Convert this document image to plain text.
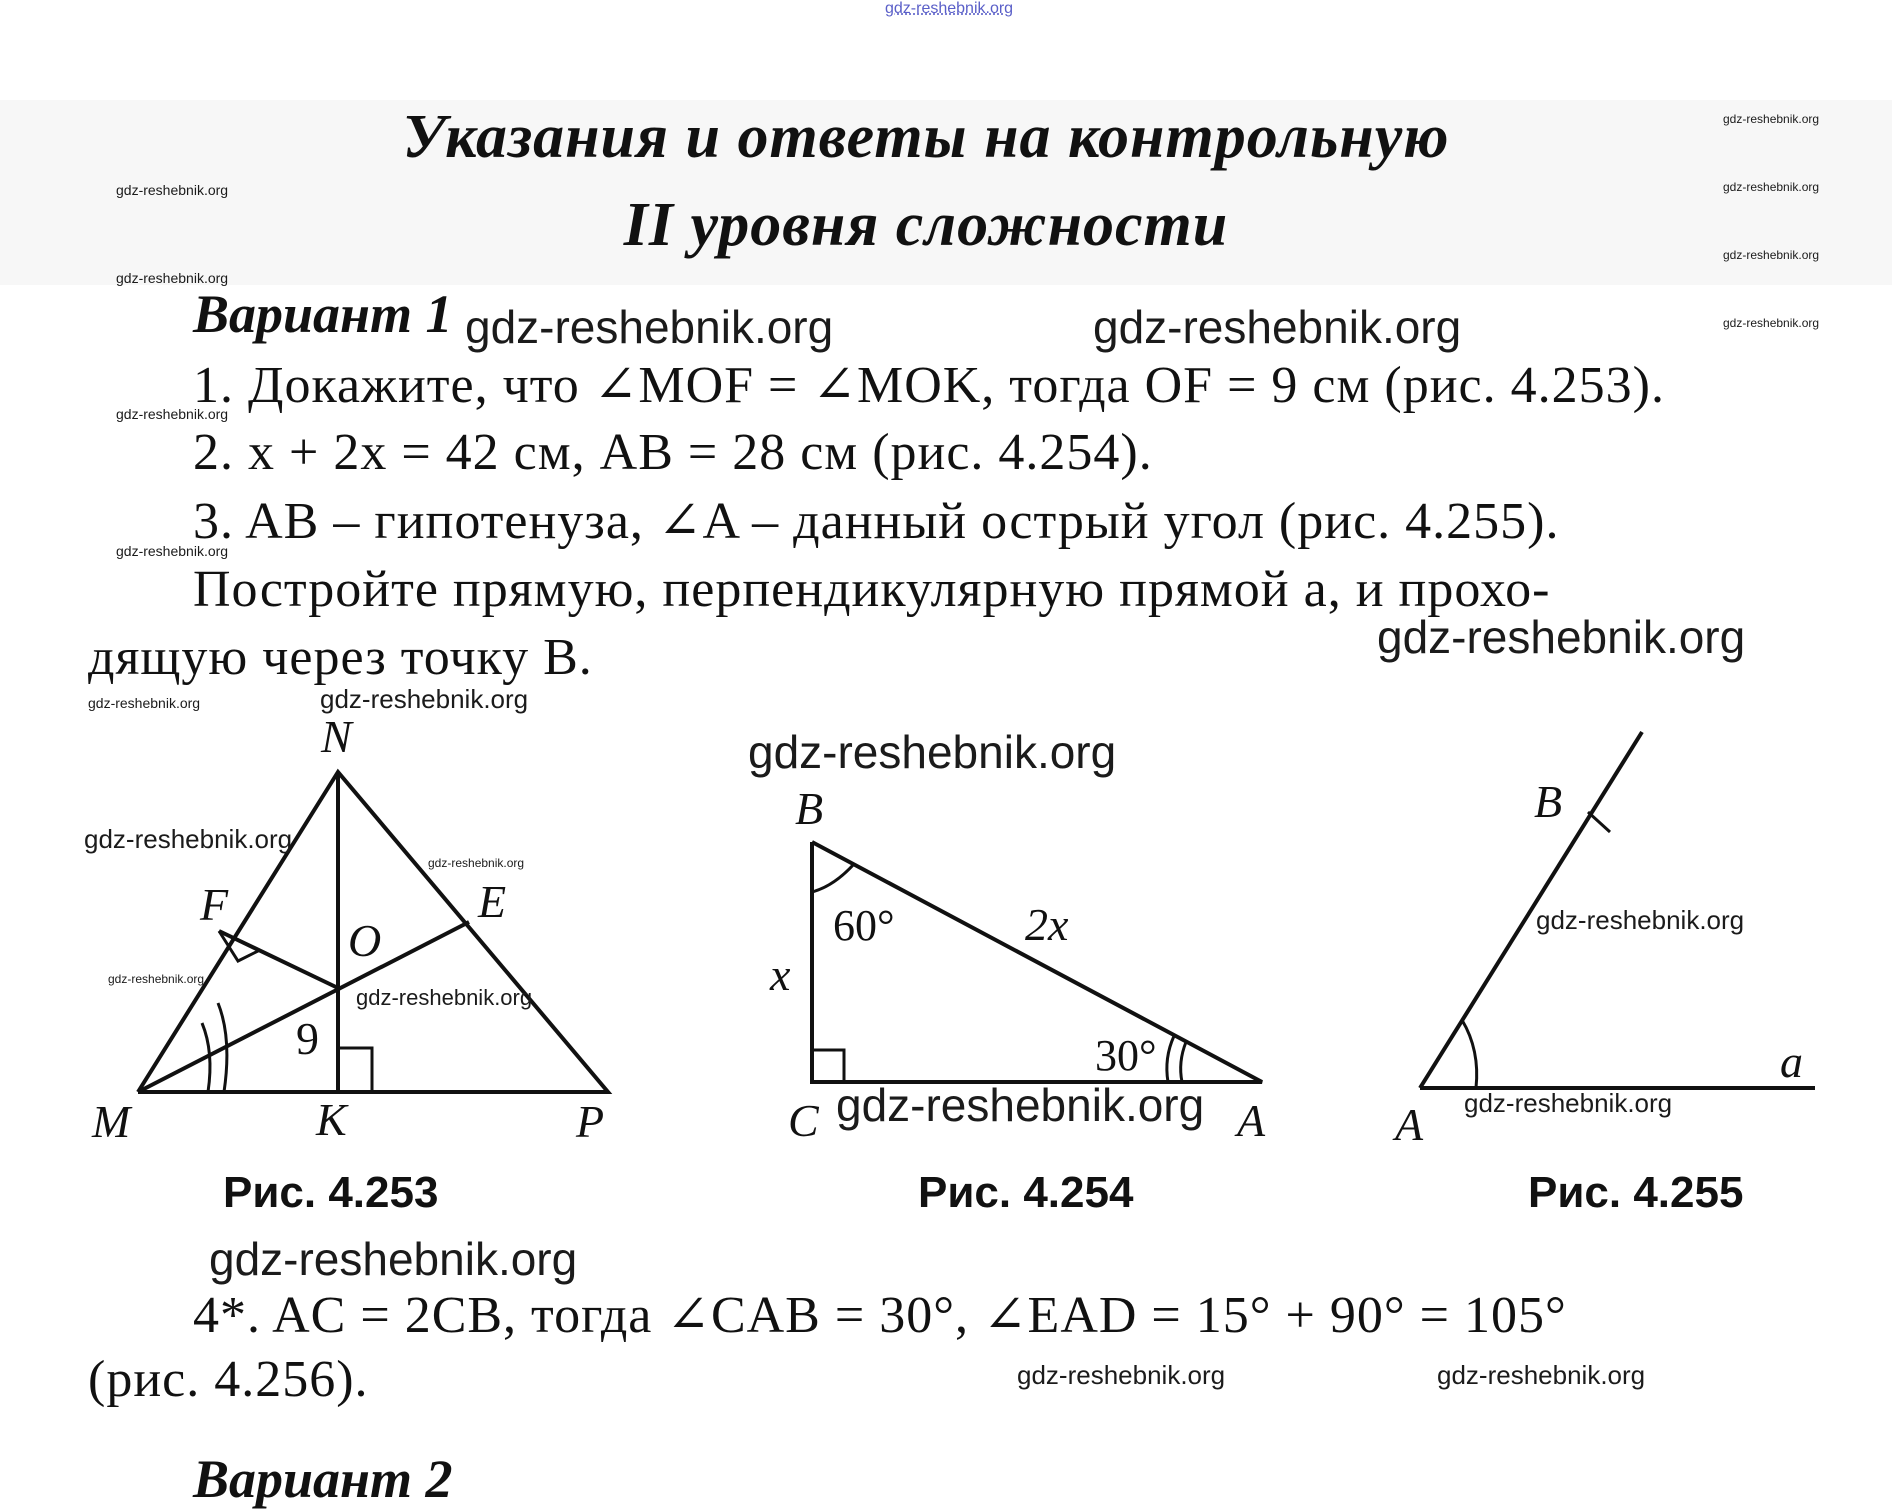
gdz-reshebnik.org
Указания и ответы на контрольную
II уровня сложности
Вариант 1
1. Докажите, что ∠MOF = ∠MOK, тогда OF = 9 см (рис. 4.253).
2. x + 2x = 42 см, AB = 28 см (рис. 4.254).
3. AB – гипотенуза, ∠A – данный острый угол (рис. 4.255).
Постройте прямую, перпендикулярную прямой a, и прохо-
дящую через точку B.
N
F	E
O
9
M	K	P
Рис. 4.253
B
60°	2x
x
30°
C	A
Рис. 4.254
B
a
A
Рис. 4.255
4*. AC = 2CB, тогда ∠CAB = 30°, ∠EAD = 15° + 90° = 105°
(рис. 4.256).
Вариант 2
gdz-reshebnik.org
gdz-reshebnik.org
gdz-reshebnik.org
gdz-reshebnik.org
gdz-reshebnik.org
gdz-reshebnik.org
gdz-reshebnik.org
gdz-reshebnik.org
gdz-reshebnik.org
gdz-reshebnik.org	gdz-reshebnik.org
gdz-reshebnik.org
gdz-reshebnik.org
gdz-reshebnik.org
gdz-reshebnik.org
gdz-reshebnik.org
gdz-reshebnik.org
gdz-reshebnik.org
gdz-reshebnik.org
gdz-reshebnik.org	gdz-reshebnik.org
gdz-reshebnik.org
gdz-reshebnik.org	gdz-reshebnik.org
